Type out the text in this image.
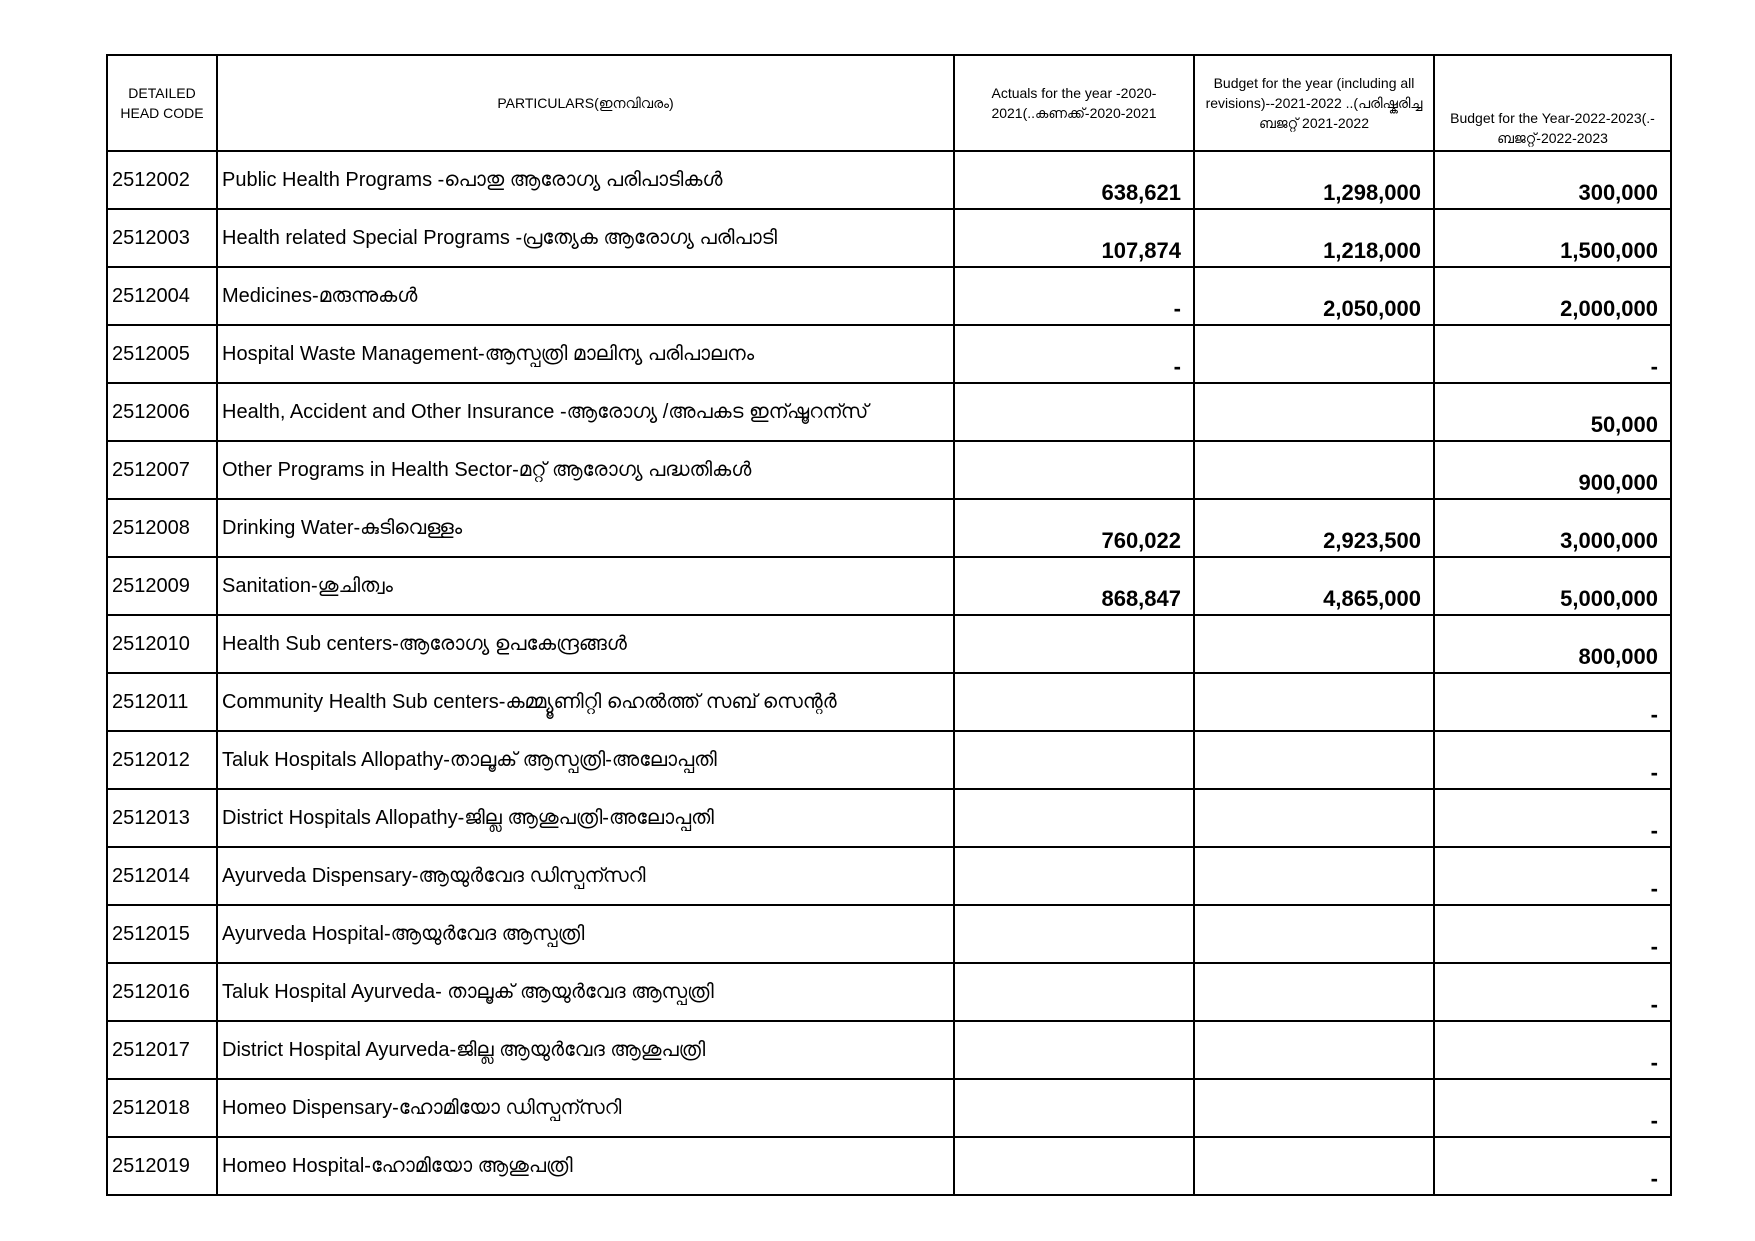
DETAILED HEAD CODE	PARTICULARS(ഇനവിവരം)	Actuals for the year -2020-2021(..കണക്ക്-2020-2021	Budget for the year (including all revisions)--2021-2022 ..(പരിഷ്കരിച്ച ബജറ്റ് 2021-2022	Budget for the Year-2022-2023(.- ബജറ്റ്-2022-2023
2512002	Public Health Programs -പൊതു ആരോഗ്യ പരിപാടികൾ	638,621	1,298,000	300,000
2512003	Health related Special Programs -പ്രത്യേക ആരോഗ്യ പരിപാടി	107,874	1,218,000	1,500,000
2512004	Medicines-മരുന്നുകൾ	-	2,050,000	2,000,000
2512005	Hospital Waste Management-ആസ്പത്രി മാലിന്യ പരിപാലനം	-		-
2512006	Health, Accident and Other Insurance -ആരോഗ്യ /അപകട ഇന്ഷൂറന്സ്			50,000
2512007	Other Programs in Health Sector-മറ്റ് ആരോഗ്യ പദ്ധതികൾ			900,000
2512008	Drinking Water-കുടിവെള്ളം	760,022	2,923,500	3,000,000
2512009	Sanitation-ശുചിത്വം	868,847	4,865,000	5,000,000
2512010	Health Sub centers-ആരോഗ്യ ഉപകേന്ദ്രങ്ങൾ			800,000
2512011	Community Health Sub centers-കമ്മ്യൂണിറ്റി ഹെൽത്ത് സബ് സെന്റർ			-
2512012	Taluk Hospitals Allopathy-താലൂക് ആസ്പത്രി-അലോപ്പതി			-
2512013	District Hospitals Allopathy-ജില്ല ആശുപത്രി-അലോപ്പതി			-
2512014	Ayurveda Dispensary-ആയുർവേദ ഡിസ്പന്സറി			-
2512015	Ayurveda Hospital-ആയുർവേദ ആസ്പത്രി			-
2512016	Taluk Hospital Ayurveda- താലൂക് ആയുർവേദ ആസ്പത്രി			-
2512017	District Hospital Ayurveda-ജില്ല ആയുർവേദ ആശുപത്രി			-
2512018	Homeo Dispensary-ഹോമിയോ ഡിസ്പന്സറി			-
2512019	Homeo Hospital-ഹോമിയോ ആശുപത്രി			-
